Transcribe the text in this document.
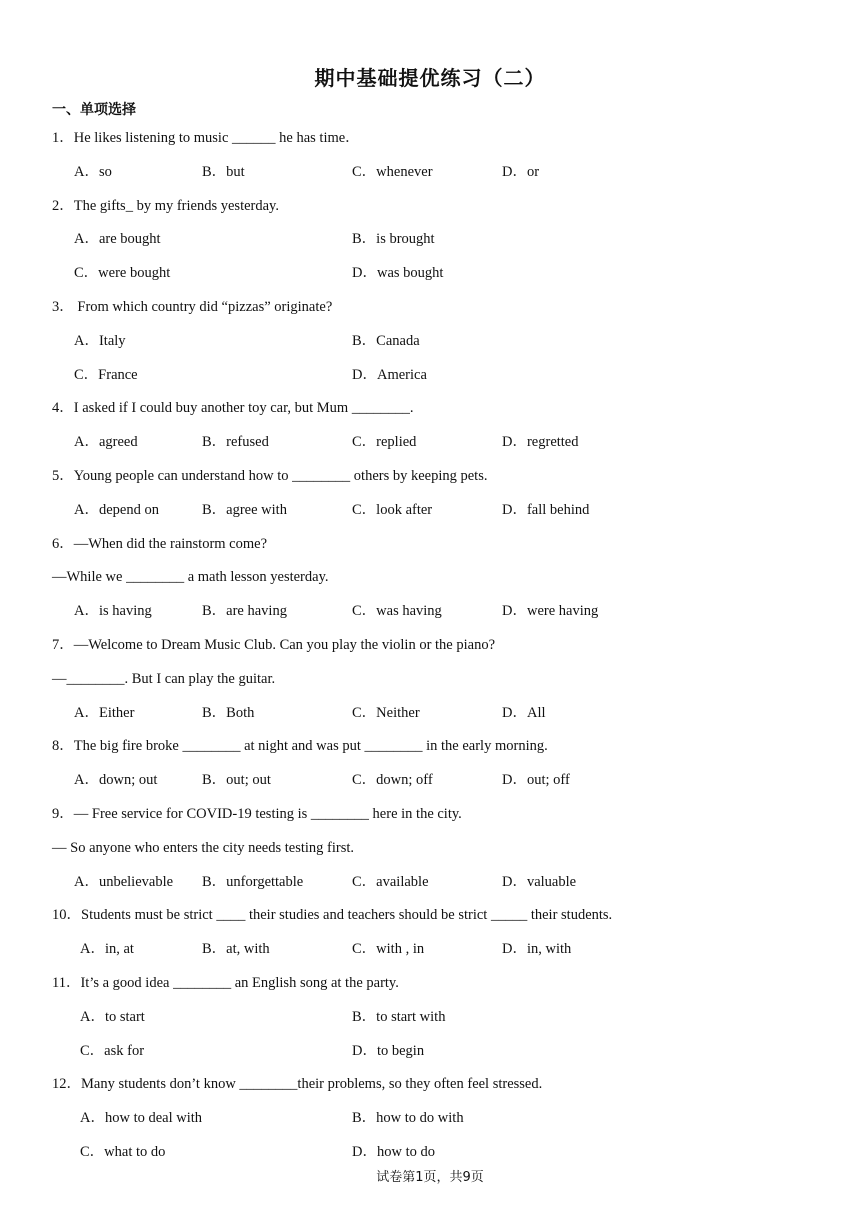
期中基础提优练习（二）
一、单项选择
1．He likes listening to music ______ he has time．
A．so	B．but	C．whenever	D．or
2．The gifts_ by my friends yesterday.
A．are bought	B．is brought
C．were bought	D．was bought
3． From which country did “pizzas” originate?
A．Italy	B．Canada
C．France	D．America
4．I asked if I could buy another toy car, but Mum ________.
A．agreed	B．refused	C．replied	D．regretted
5．Young people can understand how to ________ others by keeping pets.
A．depend on	B．agree with	C．look after	D．fall behind
6．—When did the rainstorm come?
—While we ________ a math lesson yesterday.
A．is having	B．are having	C．was having	D．were having
7．—Welcome to Dream Music Club. Can you play the violin or the piano?
—________. But I can play the guitar.
A．Either	B．Both	C．Neither	D．All
8．The big fire broke ________ at night and was put ________ in the early morning.
A．down; out	B．out; out	C．down; off	D．out; off
9．— Free service for COVID-19 testing is ________ here in the city.
— So anyone who enters the city needs testing first.
A．unbelievable B．unforgettable	C．available	D．valuable
10．Students must be strict ____ their studies and teachers should be strict _____ their students.
A．in, at	B．at, with	C．with , in	D．in, with
11．It’s a good idea ________ an English song at the party.
A．to start	B．to start with
C．ask for	D．to begin
12．Many students don’t know ________their problems, so they often feel stressed.
A．how to deal with	B．how to do with
C．what to do	D．how to do
试卷第1页，共9页
